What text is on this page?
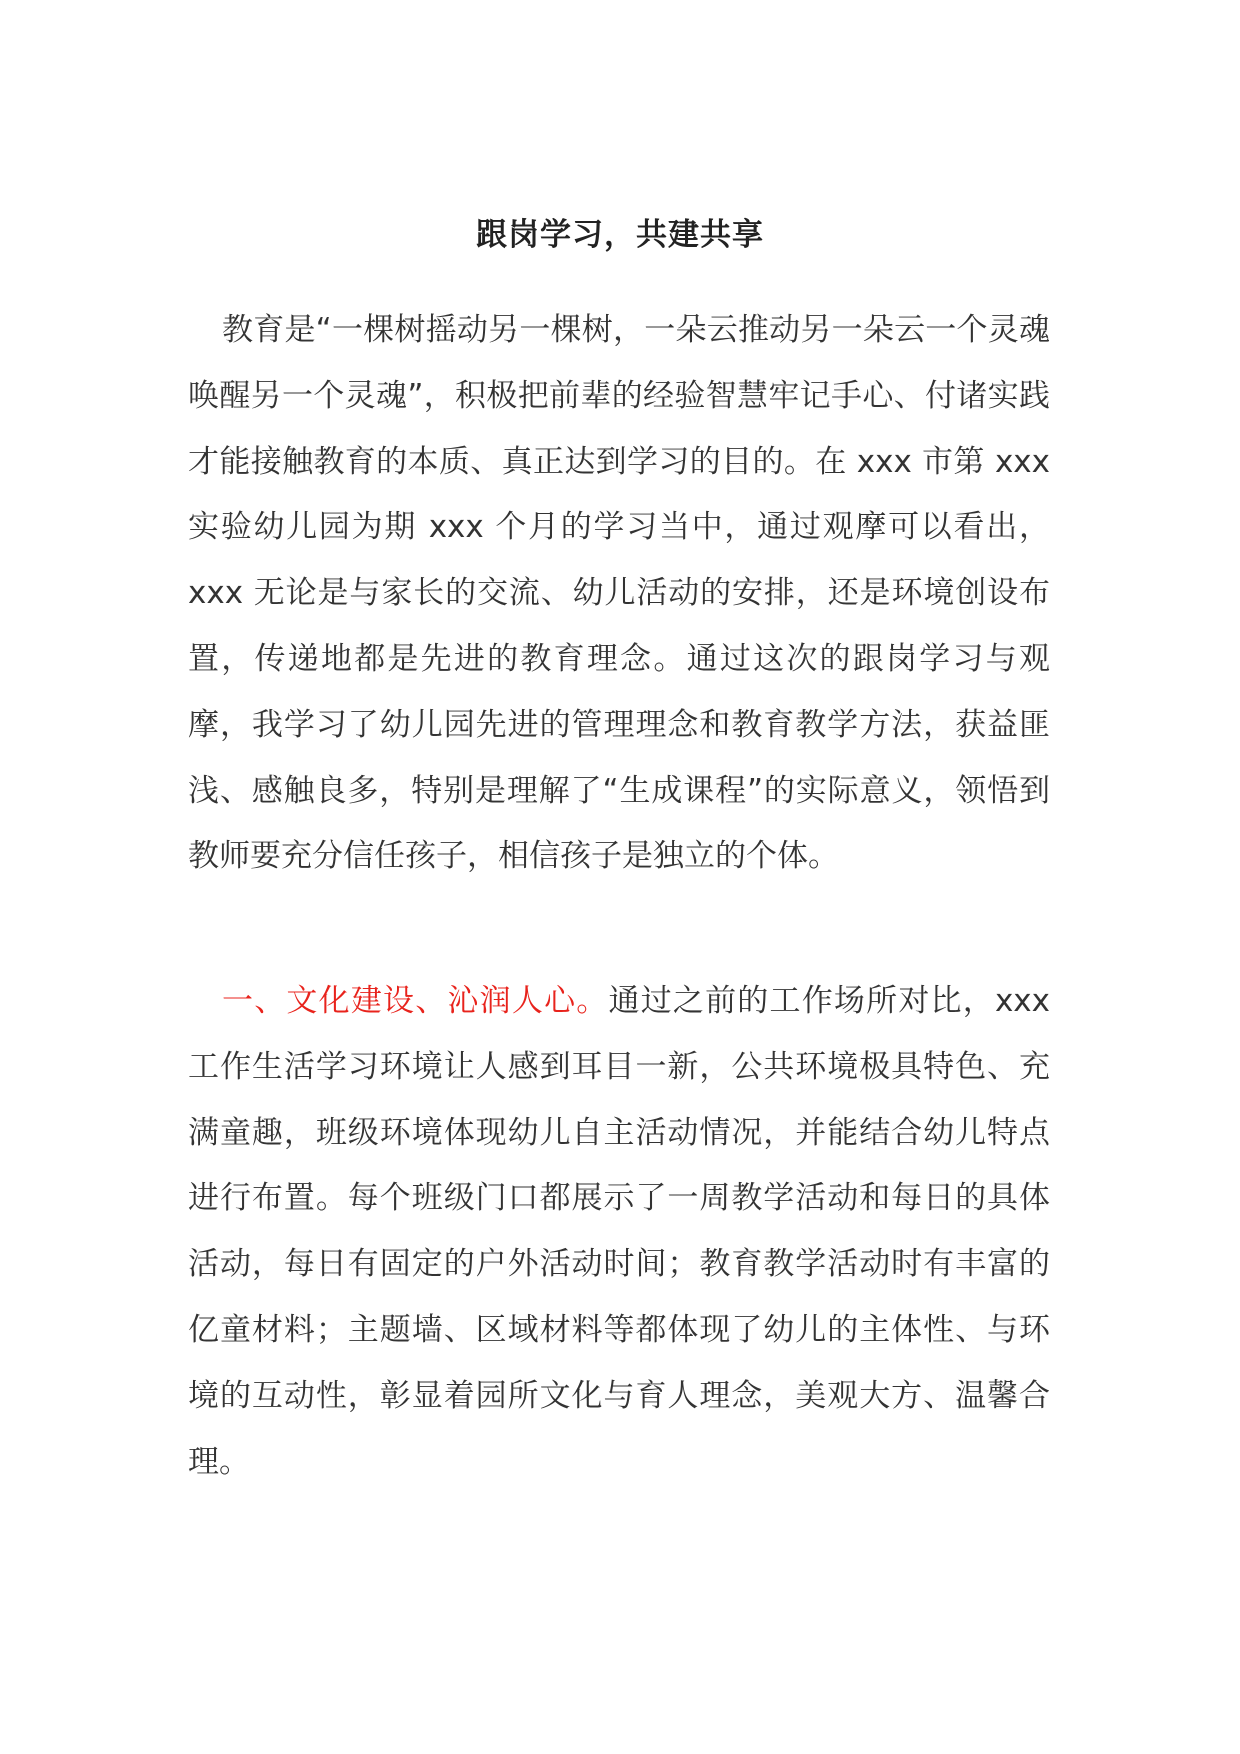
跟岗学习，共建共享

教育是“一棵树摇动另一棵树，一朵云推动另一朵云一个灵魂唤醒另一个灵魂”，积极把前辈的经验智慧牢记手心、付诸实践才能接触教育的本质、真正达到学习的目的。在 xxx 市第 xxx 实验幼儿园为期 xxx 个月的学习当中，通过观摩可以看出，xxx 无论是与家长的交流、幼儿活动的安排，还是环境创设布置，传递地都是先进的教育理念。通过这次的跟岗学习与观摩，我学习了幼儿园先进的管理理念和教育教学方法，获益匪浅、感触良多，特别是理解了“生成课程”的实际意义，领悟到教师要充分信任孩子，相信孩子是独立的个体。

一、文化建设、沁润人心。通过之前的工作场所对比，xxx 工作生活学习环境让人感到耳目一新，公共环境极具特色、充满童趣，班级环境体现幼儿自主活动情况，并能结合幼儿特点进行布置。每个班级门口都展示了一周教学活动和每日的具体活动，每日有固定的户外活动时间；教育教学活动时有丰富的亿童材料；主题墙、区域材料等都体现了幼儿的主体性、与环境的互动性，彰显着园所文化与育人理念，美观大方、温馨合理。
